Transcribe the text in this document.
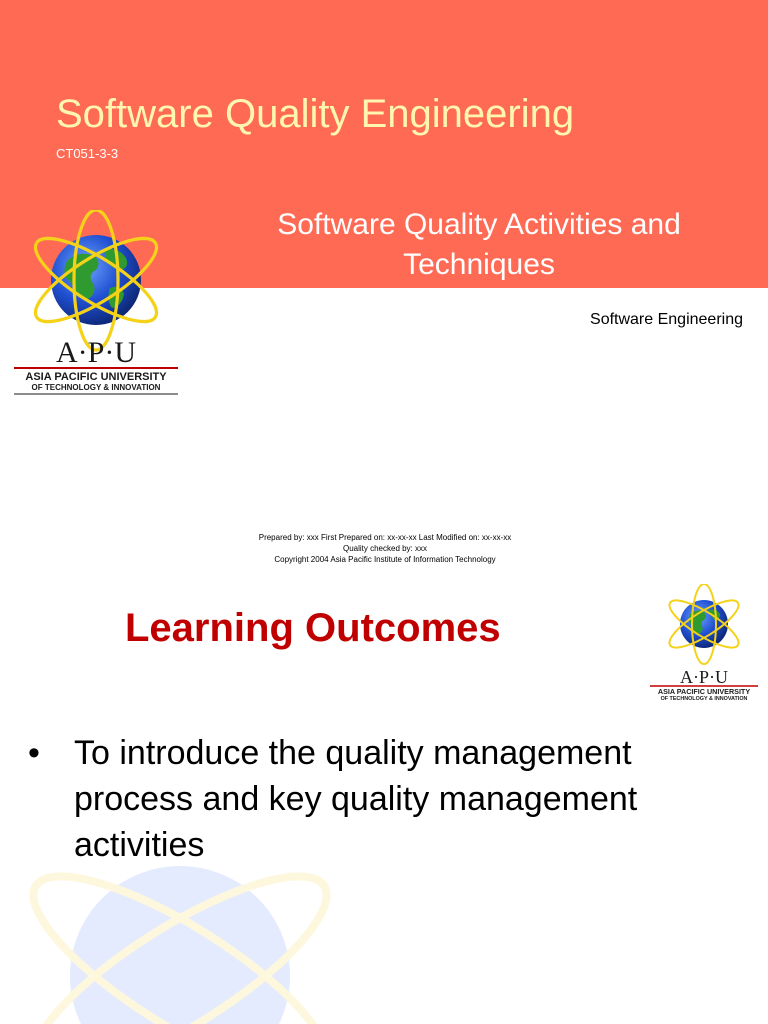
Software Quality Engineering
CT051-3-3
Software Quality Activities and Techniques
Software Engineering
A·P·U
ASIA PACIFIC UNIVERSITY
OF TECHNOLOGY & INNOVATION
Prepared by: xxx First Prepared on: xx-xx-xx Last Modified on: xx-xx-xx
Quality checked by: xxx
Copyright 2004 Asia Pacific Institute of Information Technology
Learning Outcomes
A·P·U
ASIA PACIFIC UNIVERSITY
OF TECHNOLOGY & INNOVATION
• To introduce the quality management process and key quality management activities
